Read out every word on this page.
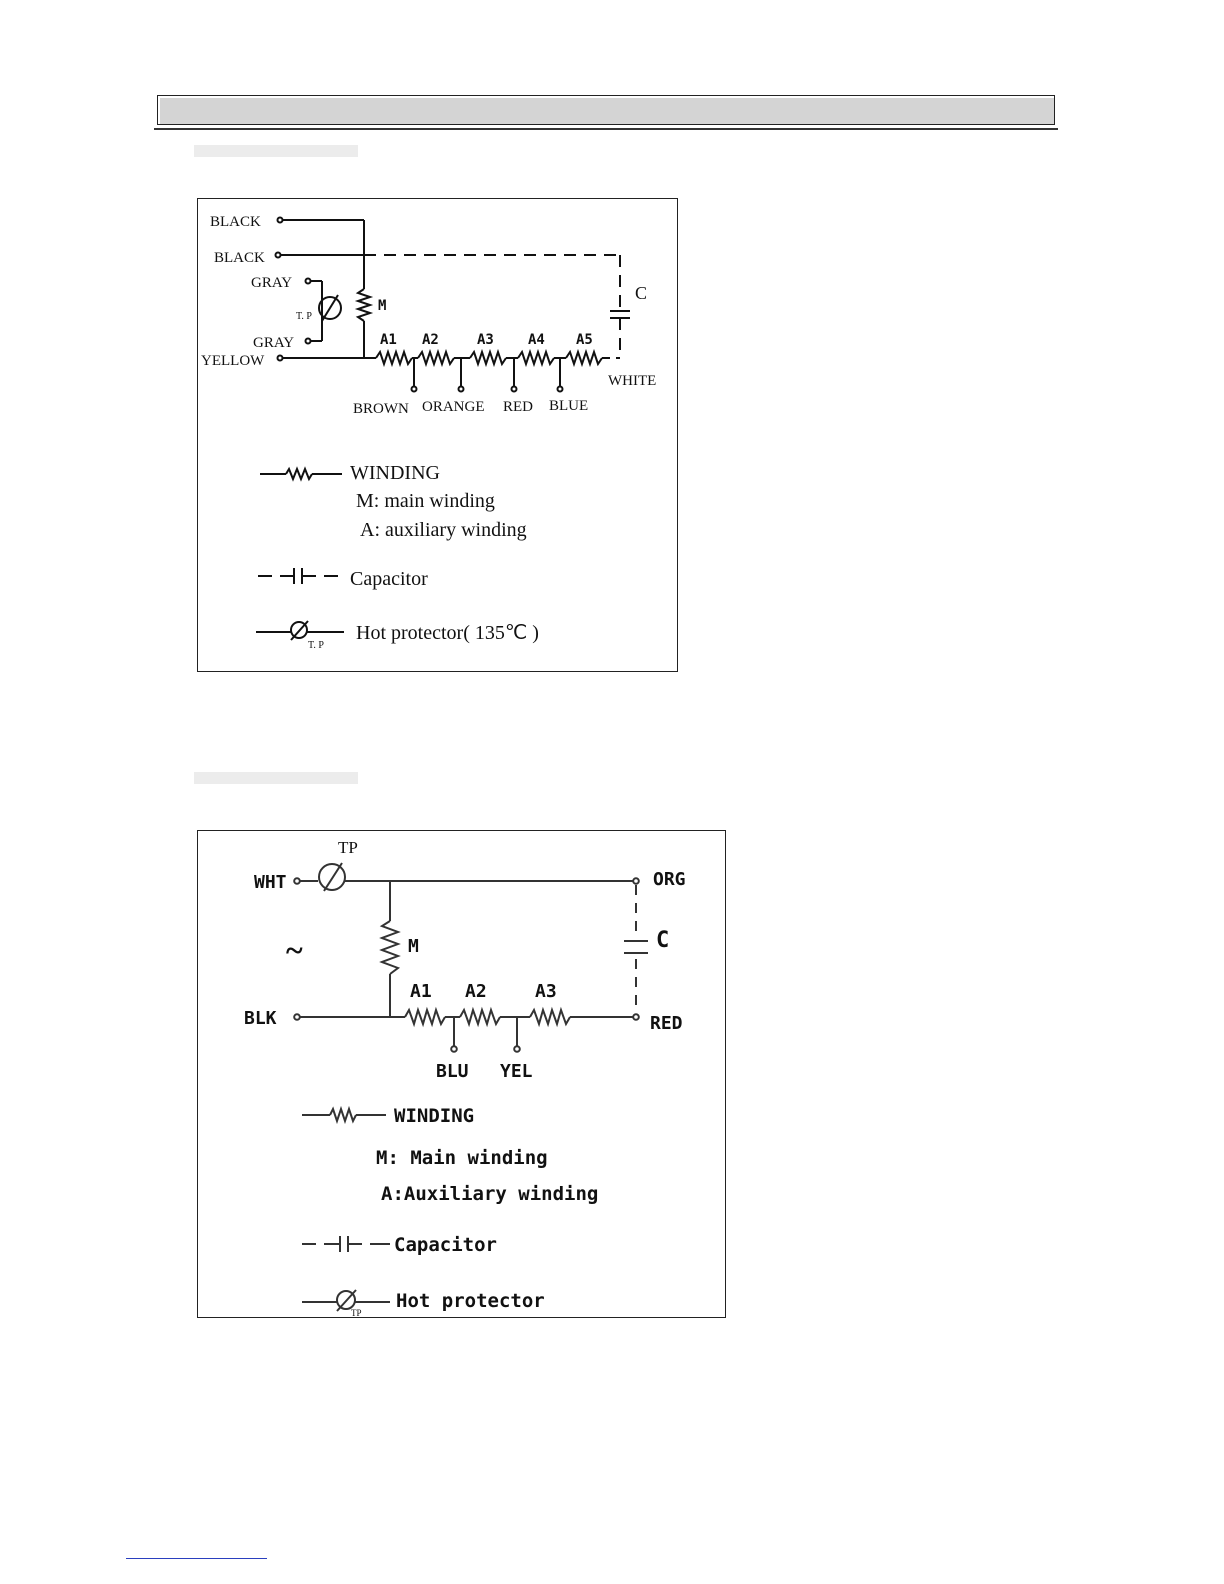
BLACK
BLACK
GRAY
T. P
GRAY
YELLOW
M
C
A1 A2	A3 A4 A5
WHITE
BROWN ORANGE RED BLUE
WINDING
M: main winding
A: auxiliary winding
Capacitor
Hot protector( 135℃ )
T. P
TP
WHT	ORG
~	M	C
A1 A2	A3
BLK	RED
BLU YEL
WINDING
M: Main winding
A:Auxiliary winding
Capacitor
Hot protector
TP
